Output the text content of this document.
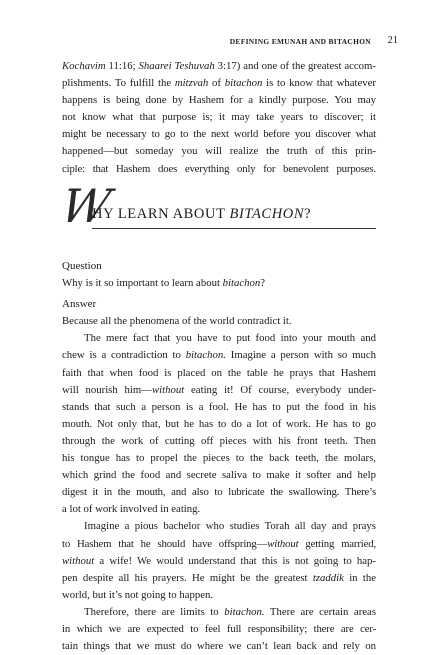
DEFINING EMUNAH AND BITACHON 21
Kochavim 11:16; Shaarei Teshuvah 3:17) and one of the greatest accom-
plishments. To fulfill the mitzvah of bitachon is to know that whatever
happens is being done by Hashem for a kindly purpose. You may
not know what that purpose is; it may take years to discover; it
might be necessary to go to the next world before you discover what
happened—but someday you will realize the truth of this prin-
ciple: that Hashem does everything only for benevolent purposes.
W
HY LEARN ABOUT BITACHON?
Question
Why is it so important to learn about bitachon?
Answer
Because all the phenomena of the world contradict it.
The mere fact that you have to put food into your mouth and
chew is a contradiction to bitachon. Imagine a person with so much
faith that when food is placed on the table he prays that Hashem
will nourish him—without eating it! Of course, everybody under-
stands that such a person is a fool. He has to put the food in his
mouth. Not only that, but he has to do a lot of work. He has to go
through the work of cutting off pieces with his front teeth. Then
his tongue has to propel the pieces to the back teeth, the molars,
which grind the food and secrete saliva to make it softer and help
digest it in the mouth, and also to lubricate the swallowing. There’s
a lot of work involved in eating.
Imagine a pious bachelor who studies Torah all day and prays
to Hashem that he should have offspring—without getting married,
without a wife! We would understand that this is not going to hap-
pen despite all his prayers. He might be the greatest tzaddik in the
world, but it’s not going to happen.
Therefore, there are limits to bitachon. There are certain areas
in which we are expected to feel full responsibility; there are cer-
tain things that we must do where we can’t lean back and rely on
